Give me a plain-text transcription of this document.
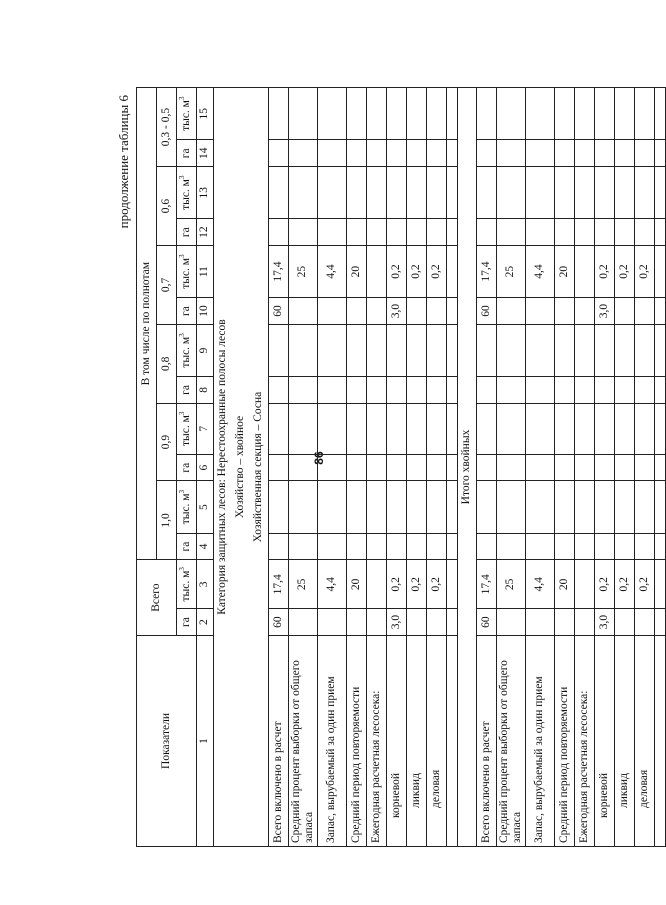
86
продолжение таблицы 6
Показатели	Всего		В том числе по полнотам											
			1,0		0,9		0,8		0,7		0,6		0,3 - 0,5	
	га	тыс. $м^3$	га	тыс. $м^3$	га	тыс. $м^3$	га	тыс. $м^3$	га	тыс. $м^3$	га	тыс. $м^3$	га	тыс. $м^3$
1	2	3	4	5	6	7	8	9	10	11	12	13	14	15
Категория защитных лесов: Нерестоохранные полосы лесов														
Хозяйство – хвойное														
Хозяйственная секция – Сосна														
Всего включено в расчет	60	17,4							60	17,4				
Средний процент выборки от общего запаса		25								25				
Запас, вырубаемый за один прием		4,4								4,4				
Средний период повторяемости		20								20				
Ежегодная расчетная лесосека:														
корневой	3,0	0,2							3,0	0,2				
ликвид		0,2								0,2				
деловая		0,2								0,2				

Итого хвойных														
Всего включено в расчет	60	17,4							60	17,4				
Средний процент выборки от общего запаса		25								25				
Запас, вырубаемый за один прием		4,4								4,4				
Средний период повторяемости		20								20				
Ежегодная расчетная лесосека:														
корневой	3,0	0,2							3,0	0,2				
ликвид		0,2								0,2				
деловая		0,2								0,2				
